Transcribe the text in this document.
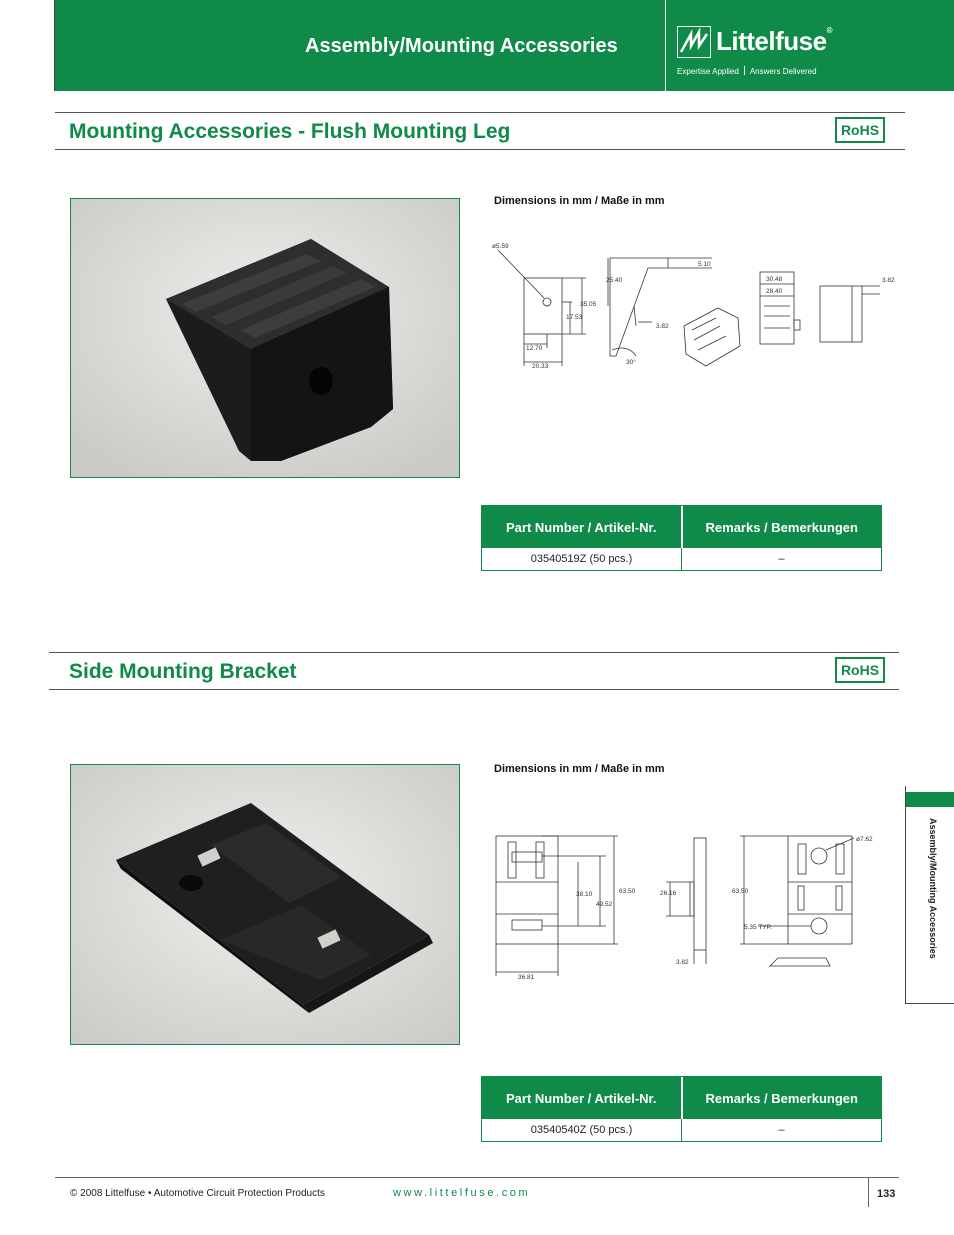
Assembly/Mounting Accessories	Littelfuse®
Expertise Applied Answers Delivered
Mounting Accessories - Flush Mounting Leg	RoHS
Dimensions in mm / Maße in mm
ø5.59
35.05
17.53
12.70
20.33
25.40
5.10
3.82
30°
30.48
28.40
3.82
Part Number / Artikel-Nr.	Remarks / Bemerkungen
03540519Z (50 pcs.)	–
Side Mounting Bracket	RoHS
Dimensions in mm / Maße in mm
38.10
49.52
63.50
36.81
26.16
3.82
63.50
ø7.62
5.35 TYP.
Part Number / Artikel-Nr.	Remarks / Bemerkungen
03540540Z (50 pcs.)	–
Assembly/Mounting Accessories
© 2008 Littelfuse • Automotive Circuit Protection Products	www.littelfuse.com	133
